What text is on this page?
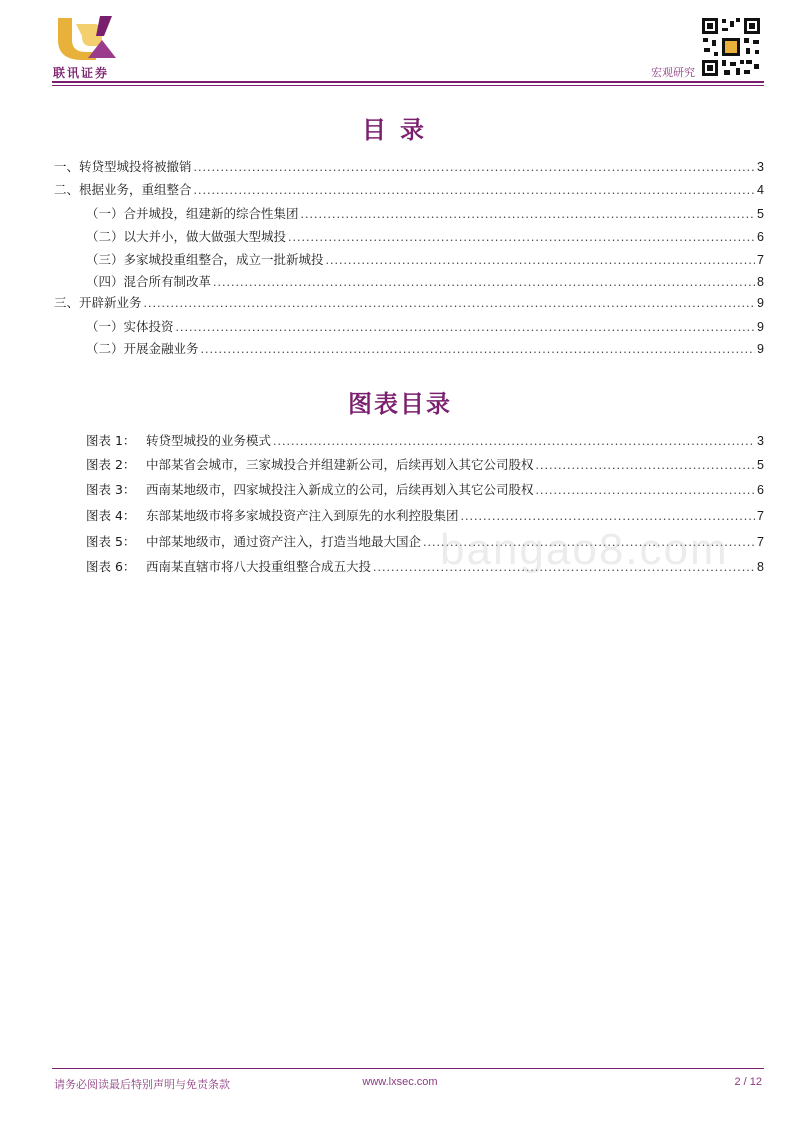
联讯证券	宏观研究
目录
一、转贷型城投将被撤销 .....	3
二、根据业务，重组整合 .....	4
（一）合并城投，组建新的综合性集团 .....	5
（二）以大并小，做大做强大型城投 .....	6
（三）多家城投重组整合，成立一批新城投 .....	7
（四）混合所有制改革 .....	8
三、开辟新业务 .....	9
（一）实体投资 .....	9
（二）开展金融业务 .....	9
图表目录
图表 1： 转贷型城投的业务模式 .....	3
图表 2： 中部某省会城市，三家城投合并组建新公司，后续再划入其它公司股权 .....	5
图表 3： 西南某地级市，四家城投注入新成立的公司，后续再划入其它公司股权 .....	6
图表 4： 东部某地级市将多家城投资产注入到原先的水利控股集团 .....	7
图表 5： 中部某地级市，通过资产注入，打造当地最大国企 .....	7
图表 6： 西南某直辖市将八大投重组整合成五大投 .....	8
bangao8.com
请务必阅读最后特别声明与免责条款	www.lxsec.com	2 / 12
